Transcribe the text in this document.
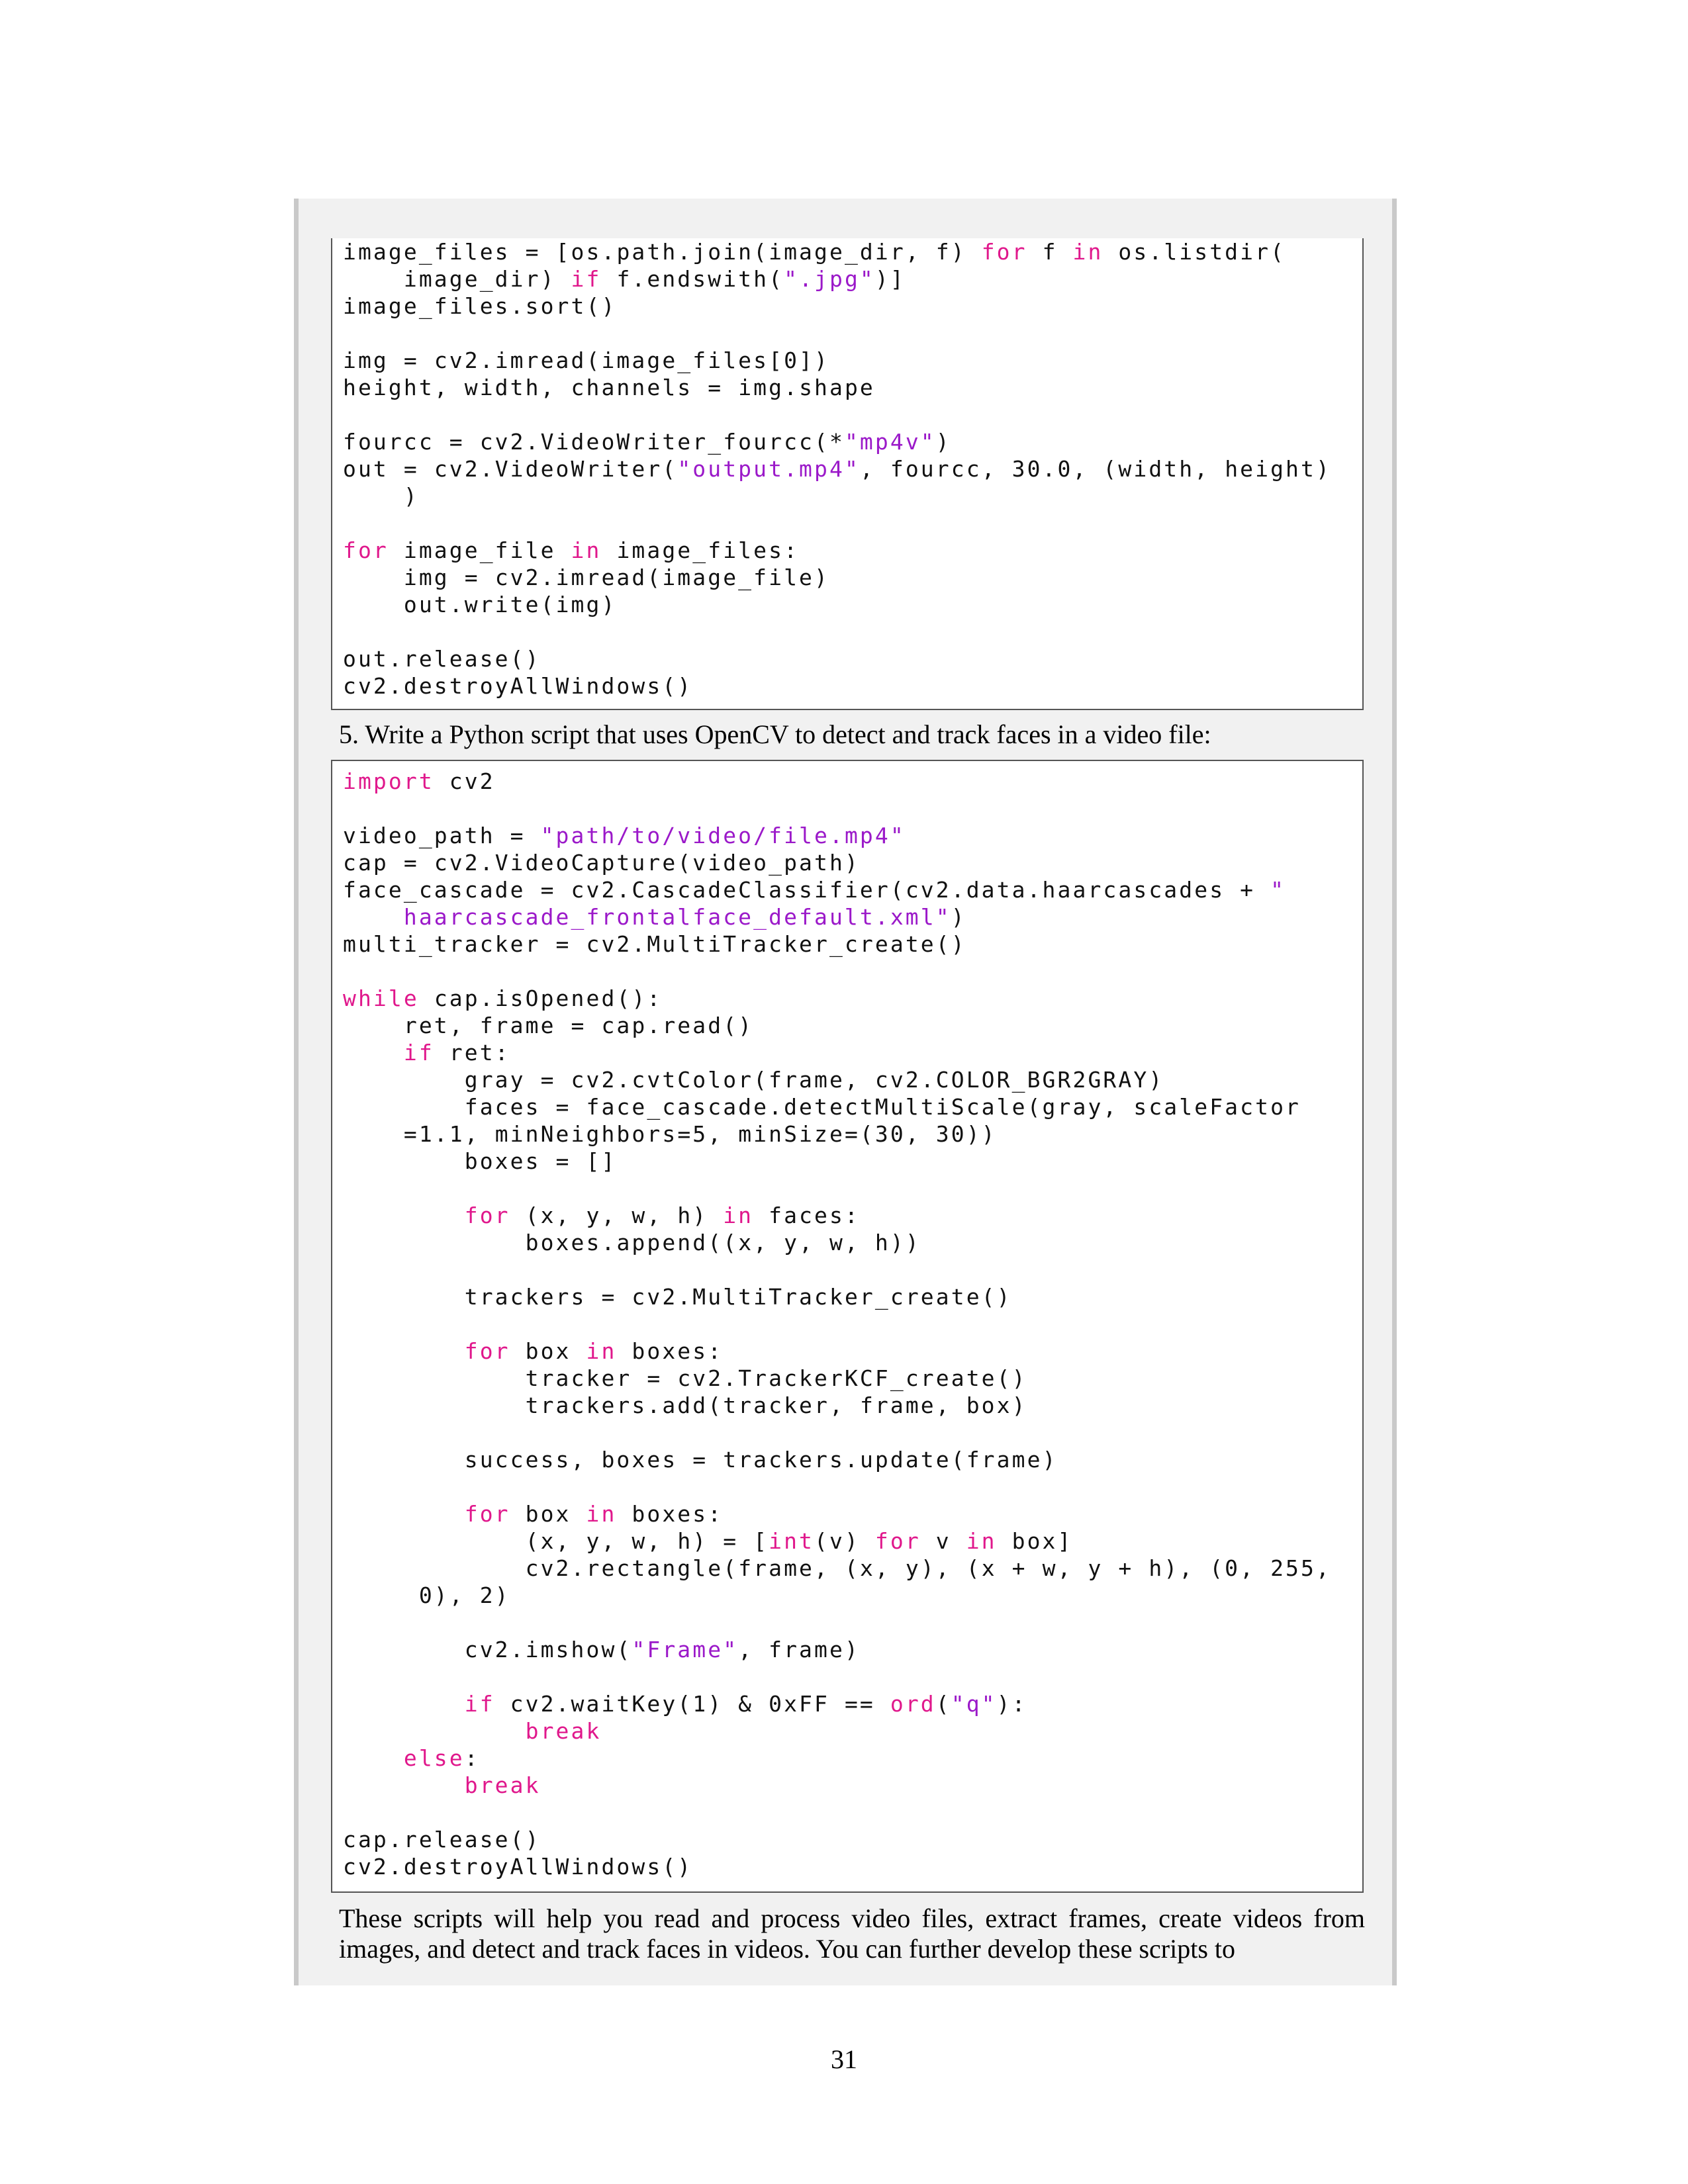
image_files = [os.path.join(image_dir, f) for f in os.listdir(
image_dir) if f.endswith(".jpg")]
image_files.sort()
img = cv2.imread(image_files[0])
height, width, channels = img.shape
fourcc = cv2.VideoWriter_fourcc(*"mp4v")
out = cv2.VideoWriter("output.mp4", fourcc, 30.0, (width, height)
)
for image_file in image_files:
img = cv2.imread(image_file)
out.write(img)
out.release()
cv2.destroyAllWindows()
5. Write a Python script that uses OpenCV to detect and track faces in a video file:
import cv2
video_path = "path/to/video/file.mp4"
cap = cv2.VideoCapture(video_path)
face_cascade = cv2.CascadeClassifier(cv2.data.haarcascades + "
haarcascade_frontalface_default.xml")
multi_tracker = cv2.MultiTracker_create()
while cap.isOpened():
ret, frame = cap.read()
if ret:
gray = cv2.cvtColor(frame, cv2.COLOR_BGR2GRAY)
faces = face_cascade.detectMultiScale(gray, scaleFactor
=1.1, minNeighbors=5, minSize=(30, 30))
boxes = []
for (x, y, w, h) in faces:
boxes.append((x, y, w, h))
trackers = cv2.MultiTracker_create()
for box in boxes:
tracker = cv2.TrackerKCF_create()
trackers.add(tracker, frame, box)
success, boxes = trackers.update(frame)
for box in boxes:
(x, y, w, h) = [int(v) for v in box]
cv2.rectangle(frame, (x, y), (x + w, y + h), (0, 255,
0), 2)
cv2.imshow("Frame", frame)
if cv2.waitKey(1) & 0xFF == ord("q"):
break
else:
break
cap.release()
cv2.destroyAllWindows()
These scripts will help you read and process video files, extract frames, create videos from images, and detect and track faces in videos. You can further develop these scripts to
31
